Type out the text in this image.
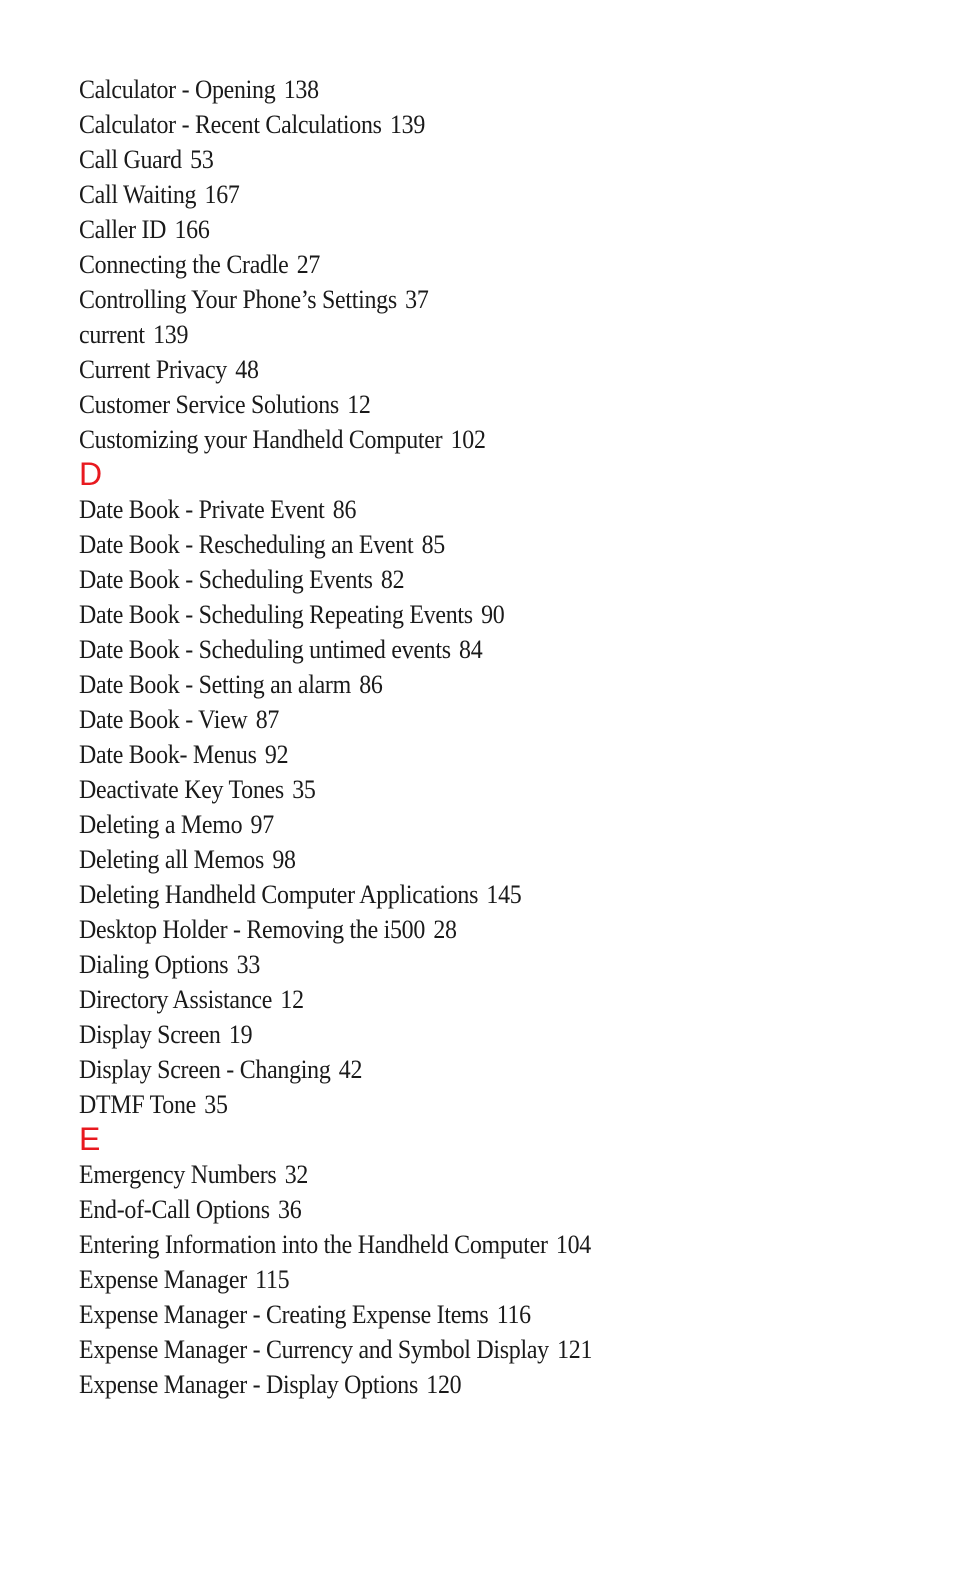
Calculator - Opening 138
Calculator - Recent Calculations 139
Call Guard 53
Call Waiting 167
Caller ID 166
Connecting the Cradle 27
Controlling Your Phone’s Settings 37
current 139
Current Privacy 48
Customer Service Solutions 12
Customizing your Handheld Computer 102
D
Date Book - Private Event 86
Date Book - Rescheduling an Event 85
Date Book - Scheduling Events 82
Date Book - Scheduling Repeating Events 90
Date Book - Scheduling untimed events 84
Date Book - Setting an alarm 86
Date Book - View 87
Date Book- Menus 92
Deactivate Key Tones 35
Deleting a Memo 97
Deleting all Memos 98
Deleting Handheld Computer Applications 145
Desktop Holder - Removing the i500 28
Dialing Options 33
Directory Assistance 12
Display Screen 19
Display Screen - Changing 42
DTMF Tone 35
E
Emergency Numbers 32
End-of-Call Options 36
Entering Information into the Handheld Computer 104
Expense Manager 115
Expense Manager - Creating Expense Items 116
Expense Manager - Currency and Symbol Display 121
Expense Manager - Display Options 120
